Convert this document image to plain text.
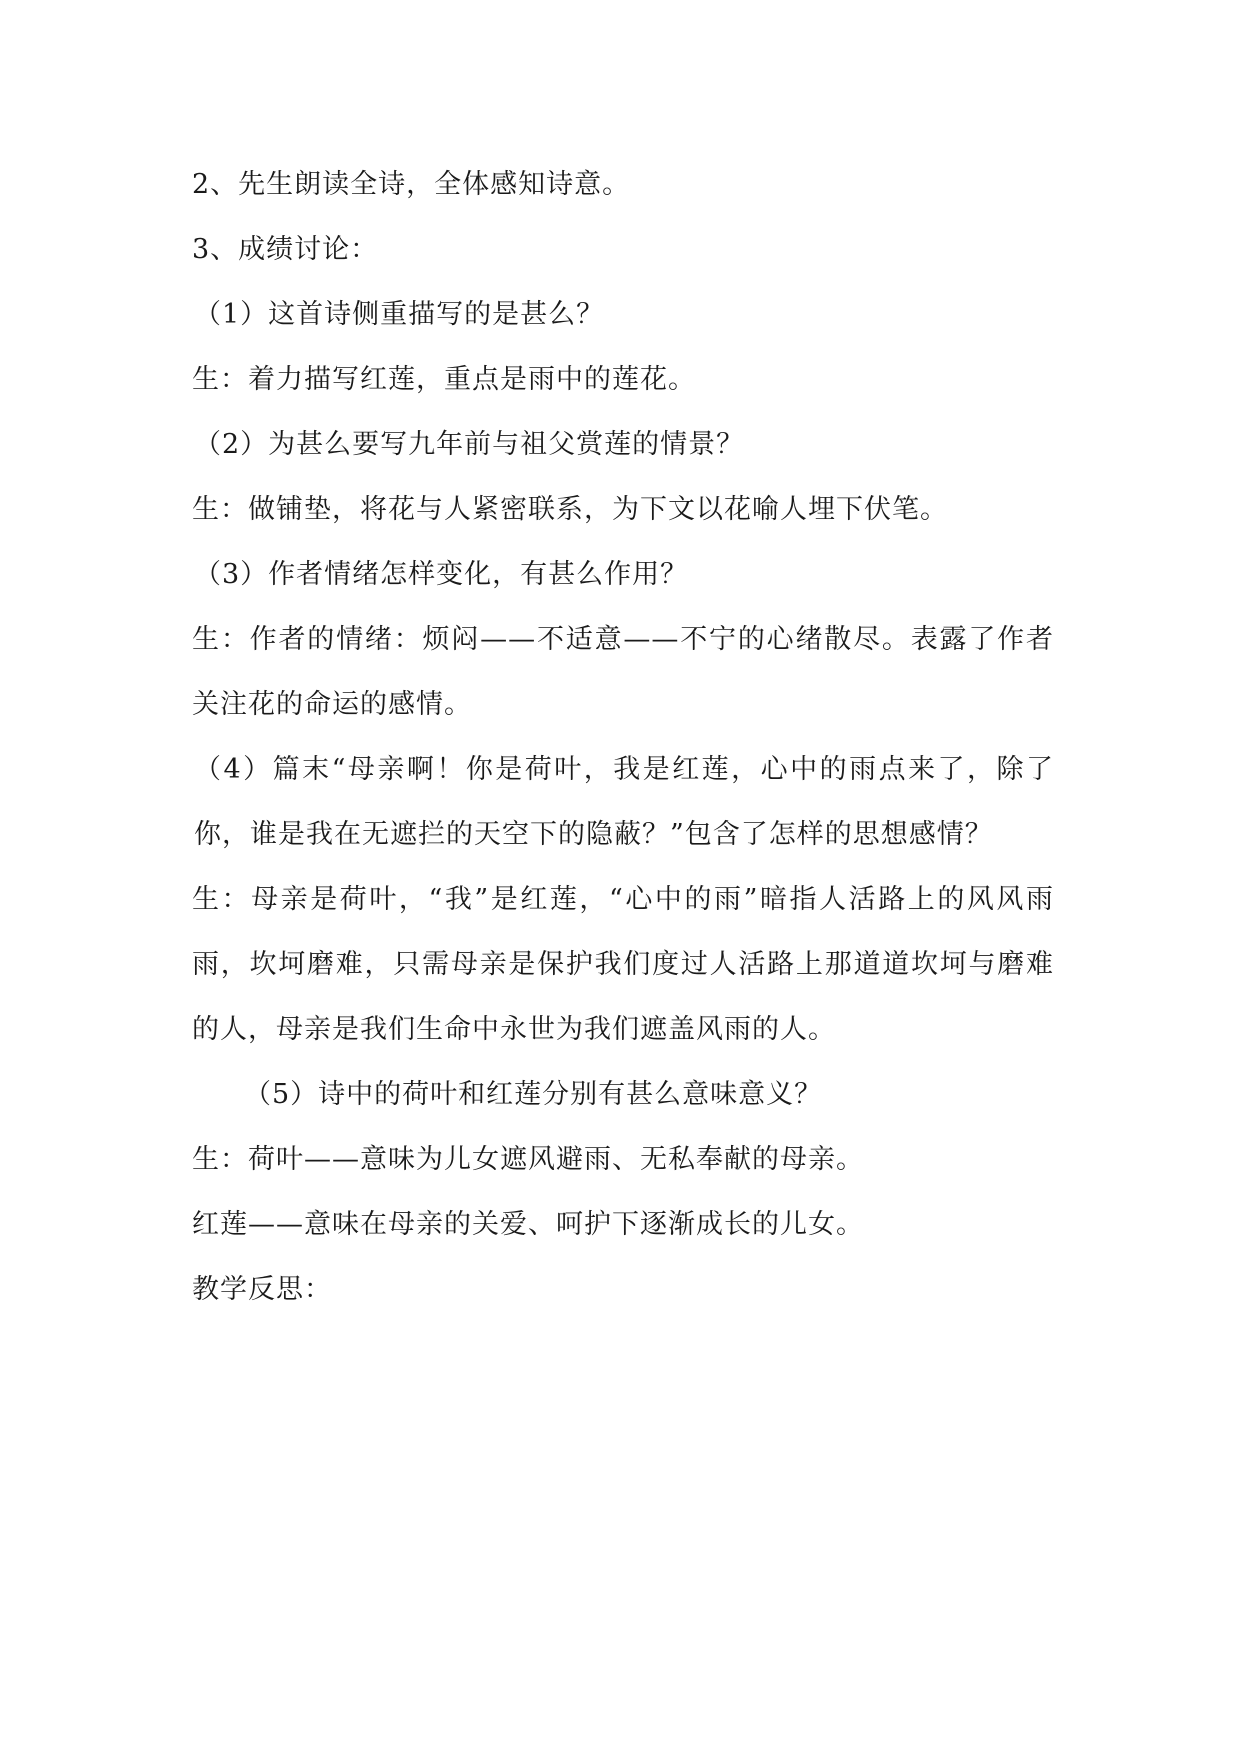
2、先生朗读全诗，全体感知诗意。

3、成绩讨论：

（1）这首诗侧重描写的是甚么？

生：着力描写红莲，重点是雨中的莲花。

（2）为甚么要写九年前与祖父赏莲的情景？

生：做铺垫，将花与人紧密联系，为下文以花喻人埋下伏笔。

（3）作者情绪怎样变化，有甚么作用？

生：作者的情绪：烦闷——不适意——不宁的心绪散尽。表露了作者关注花的命运的感情。

（4）篇末“母亲啊！你是荷叶，我是红莲，心中的雨点来了，除了你，谁是我在无遮拦的天空下的隐蔽？”包含了怎样的思想感情？

生：母亲是荷叶，“我”是红莲，“心中的雨”暗指人活路上的风风雨雨，坎坷磨难，只需母亲是保护我们度过人活路上那道道坎坷与磨难的人，母亲是我们生命中永世为我们遮盖风雨的人。

（5）诗中的荷叶和红莲分别有甚么意味意义？

生：荷叶——意味为儿女遮风避雨、无私奉献的母亲。

红莲——意味在母亲的关爱、呵护下逐渐成长的儿女。

教学反思：
